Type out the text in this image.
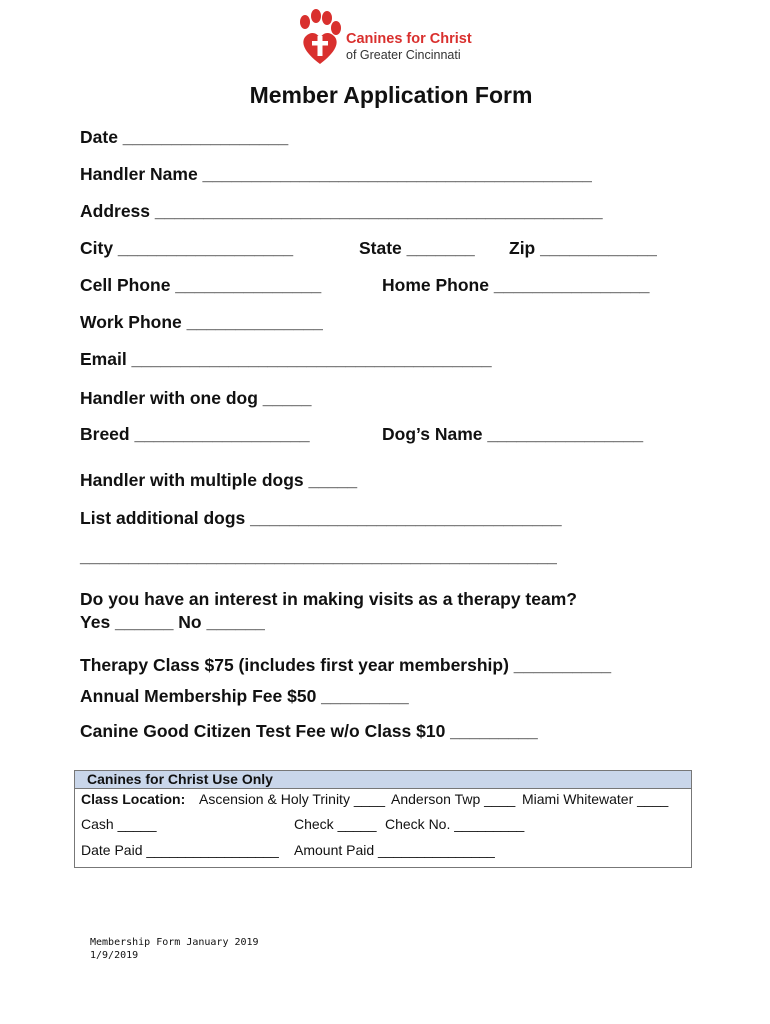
Canines for Christ
of Greater Cincinnati
Member Application Form
Date _________________
Handler Name ________________________________________
Address ______________________________________________
City __________________	State _______ Zip ____________
Cell Phone _______________	Home Phone ________________
Work Phone ______________
Email _____________________________________
Handler with one dog _____
Breed __________________	Dog’s Name ________________
Handler with multiple dogs _____
List additional dogs ________________________________
_________________________________________________
Do you have an interest in making visits as a therapy team?
Yes ______ No ______
Therapy Class $75 (includes first year membership) __________
Annual Membership Fee $50 _________
Canine Good Citizen Test Fee w/o Class $10 _________
Canines for Christ Use Only
Class Location: Ascension & Holy Trinity ____ Anderson Twp ____ Miami Whitewater ____
Cash _____	Check _____ Check No. _________
Date Paid _________________ Amount Paid _______________
Membership Form January 2019
1/9/2019
